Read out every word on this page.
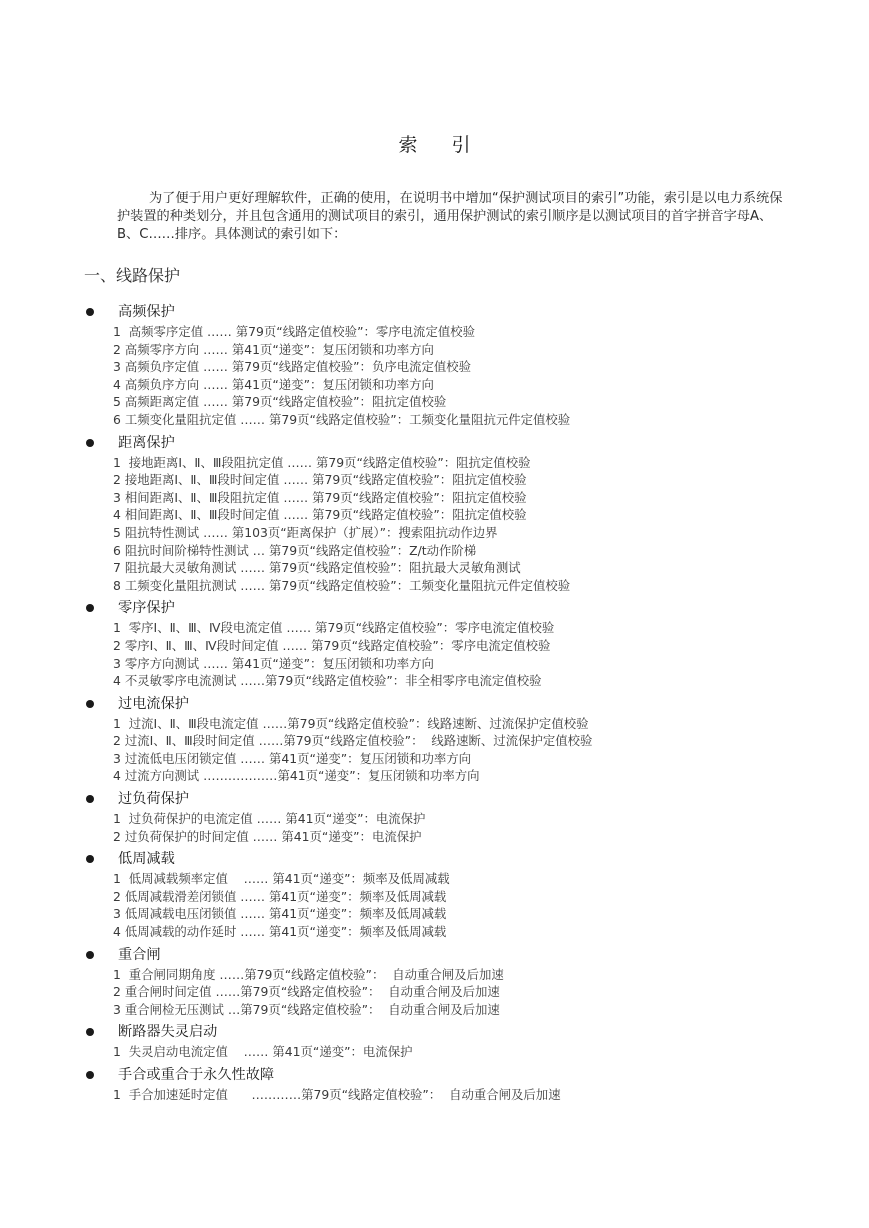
索 引
为了便于用户更好理解软件，正确的使用，在说明书中增加“保护测试项目的索引”功能，索引是以电力系统保护装置的种类划分，并且包含通用的测试项目的索引，通用保护测试的索引顺序是以测试项目的首字拼音字母A、B、C……排序。具体测试的索引如下：
一、线路保护
高频保护
1  高频零序定值 …… 第79页“线路定值校验”：零序电流定值校验
2 高频零序方向 …… 第41页“递变”：复压闭锁和功率方向
3 高频负序定值 …… 第79页“线路定值校验”：负序电流定值校验
4 高频负序方向 …… 第41页“递变”：复压闭锁和功率方向
5 高频距离定值 …… 第79页“线路定值校验”：阻抗定值校验
6 工频变化量阻抗定值 …… 第79页“线路定值校验”：工频变化量阻抗元件定值校验
距离保护
1  接地距离Ⅰ、Ⅱ、Ⅲ段阻抗定值 …… 第79页“线路定值校验”：阻抗定值校验
2 接地距离Ⅰ、Ⅱ、Ⅲ段时间定值 …… 第79页“线路定值校验”：阻抗定值校验
3 相间距离Ⅰ、Ⅱ、Ⅲ段阻抗定值 …… 第79页“线路定值校验”：阻抗定值校验
4 相间距离Ⅰ、Ⅱ、Ⅲ段时间定值 …… 第79页“线路定值校验”：阻抗定值校验
5 阻抗特性测试 …… 第103页“距离保护（扩展）”：搜索阻抗动作边界
6 阻抗时间阶梯特性测试 … 第79页“线路定值校验”：Z/t动作阶梯
7 阻抗最大灵敏角测试 …… 第79页“线路定值校验”：阻抗最大灵敏角测试
8 工频变化量阻抗测试 …… 第79页“线路定值校验”：工频变化量阻抗元件定值校验
零序保护
1  零序Ⅰ、Ⅱ、Ⅲ、Ⅳ段电流定值 …… 第79页“线路定值校验”：零序电流定值校验
2 零序Ⅰ、Ⅱ、Ⅲ、Ⅳ段时间定值 …… 第79页“线路定值校验”：零序电流定值校验
3 零序方向测试 …… 第41页“递变”：复压闭锁和功率方向
4 不灵敏零序电流测试 ……第79页“线路定值校验”：非全相零序电流定值校验
过电流保护
1  过流Ⅰ、Ⅱ、Ⅲ段电流定值 ……第79页“线路定值校验”：线路速断、过流保护定值校验
2 过流Ⅰ、Ⅱ、Ⅲ段时间定值 ……第79页“线路定值校验”：  线路速断、过流保护定值校验
3 过流低电压闭锁定值 …… 第41页“递变”：复压闭锁和功率方向
4 过流方向测试 ………………第41页“递变”：复压闭锁和功率方向
过负荷保护
1  过负荷保护的电流定值 …… 第41页“递变”：电流保护
2 过负荷保护的时间定值 …… 第41页“递变”：电流保护
低周减载
1  低周减载频率定值    …… 第41页“递变”：频率及低周减载
2 低周减载滑差闭锁值 …… 第41页“递变”：频率及低周减载
3 低周减载电压闭锁值 …… 第41页“递变”：频率及低周减载
4 低周减载的动作延时 …… 第41页“递变”：频率及低周减载
重合闸
1  重合闸同期角度 ……第79页“线路定值校验”：  自动重合闸及后加速
2 重合闸时间定值 ……第79页“线路定值校验”：  自动重合闸及后加速
3 重合闸检无压测试 …第79页“线路定值校验”：  自动重合闸及后加速
断路器失灵启动
1  失灵启动电流定值    …… 第41页“递变”：电流保护
手合或重合于永久性故障
1  手合加速延时定值      …………第79页“线路定值校验”：  自动重合闸及后加速
